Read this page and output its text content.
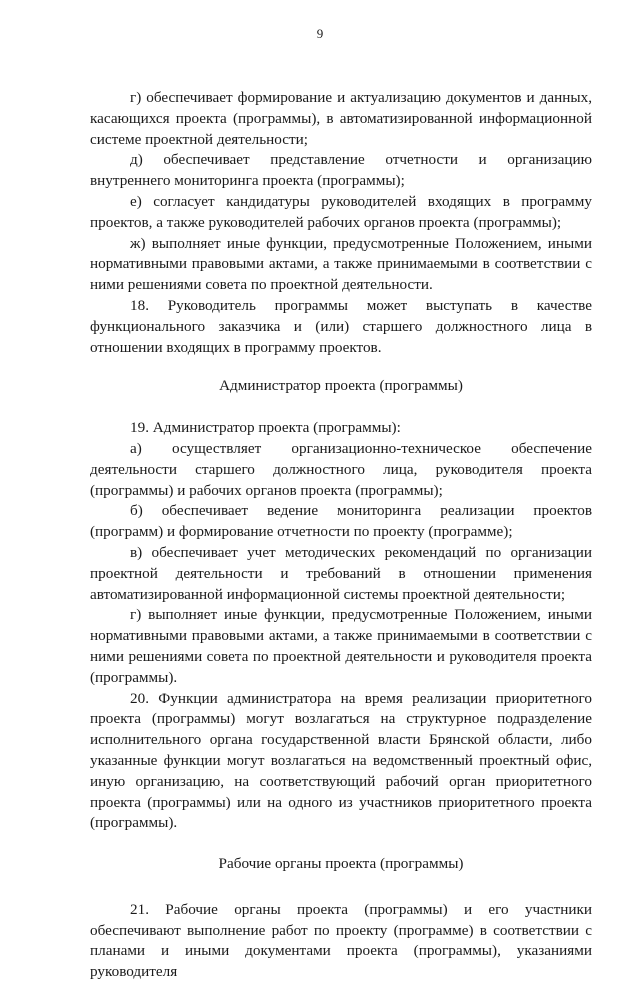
9

г) обеспечивает формирование и актуализацию документов и данных, касающихся проекта (программы), в автоматизированной информационной системе проектной деятельности;

д) обеспечивает представление отчетности и организацию внутреннего мониторинга проекта (программы);

е) согласует кандидатуры руководителей входящих в программу проектов, а также руководителей рабочих органов проекта (программы);

ж) выполняет иные функции, предусмотренные Положением, иными нормативными правовыми актами, а также принимаемыми в соответствии с ними решениями совета по проектной деятельности.

18. Руководитель программы может выступать в качестве функционального заказчика и (или) старшего должностного лица в отношении входящих в программу проектов.

Администратор проекта (программы)

19. Администратор проекта (программы):

а) осуществляет организационно-техническое обеспечение деятельности старшего должностного лица, руководителя проекта (программы) и рабочих органов проекта (программы);

б) обеспечивает ведение мониторинга реализации проектов (программ) и формирование отчетности по проекту (программе);

в) обеспечивает учет методических рекомендаций по организации проектной деятельности и требований в отношении применения автоматизированной информационной системы проектной деятельности;

г) выполняет иные функции, предусмотренные Положением, иными нормативными правовыми актами, а также принимаемыми в соответствии с ними решениями совета по проектной деятельности и руководителя проекта (программы).

20. Функции администратора на время реализации приоритетного проекта (программы) могут возлагаться на структурное подразделение исполнительного органа государственной власти Брянской области, либо указанные функции могут возлагаться на ведомственный проектный офис, иную организацию, на соответствующий рабочий орган приоритетного проекта (программы) или на одного из участников приоритетного проекта (программы).

Рабочие органы проекта (программы)

21. Рабочие органы проекта (программы) и его участники обеспечивают выполнение работ по проекту (программе) в соответствии с планами и иными документами проекта (программы), указаниями руководителя
